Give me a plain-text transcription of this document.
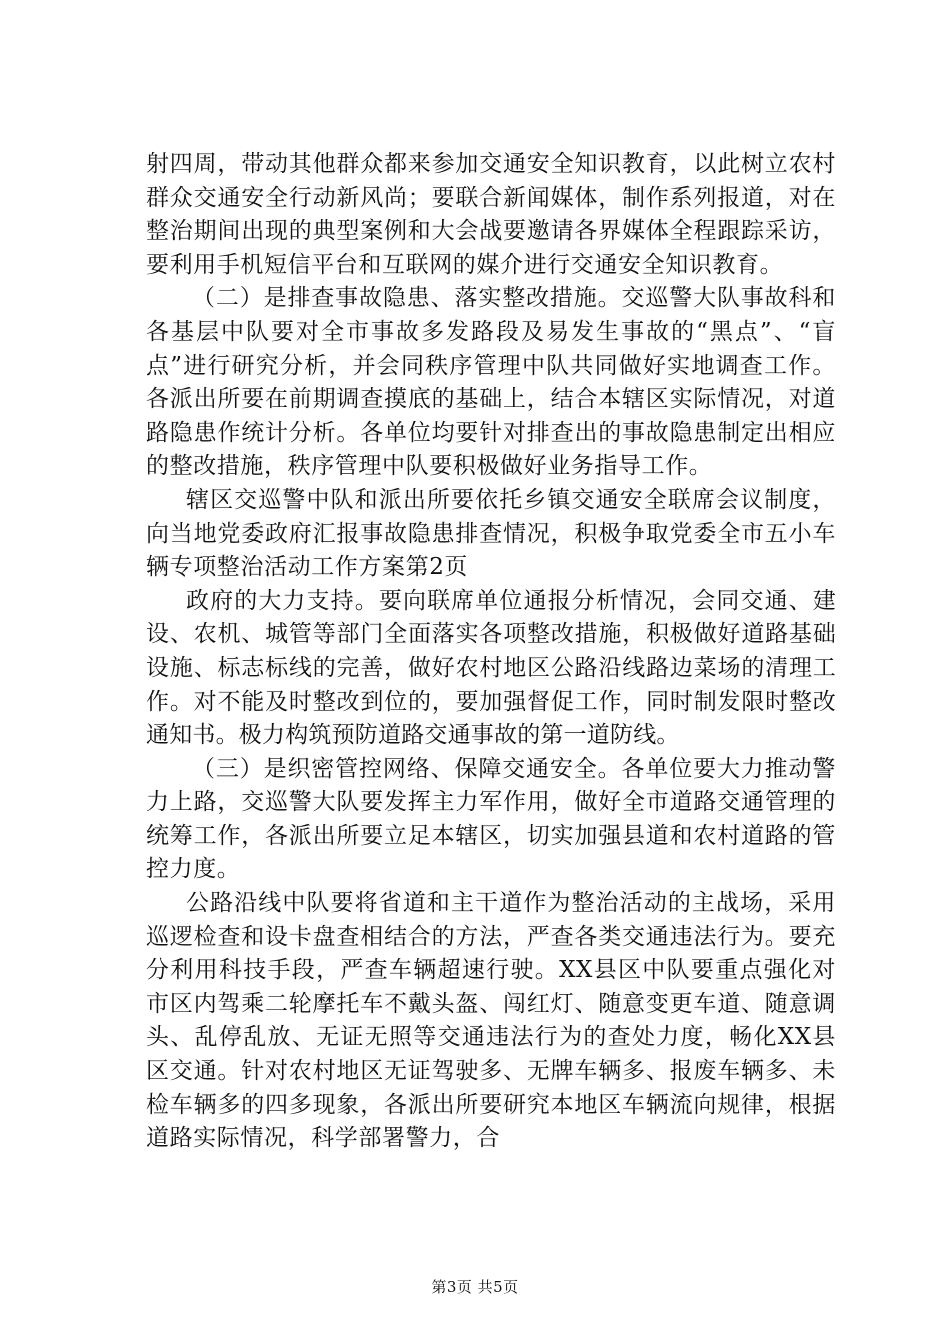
射四周，带动其他群众都来参加交通安全知识教育，以此树立农村群众交通安全行动新风尚；要联合新闻媒体，制作系列报道，对在整治期间出现的典型案例和大会战要邀请各界媒体全程跟踪采访，要利用手机短信平台和互联网的媒介进行交通安全知识教育。

（二）是排查事故隐患、落实整改措施。交巡警大队事故科和各基层中队要对全市事故多发路段及易发生事故的“黑点”、“盲点”进行研究分析，并会同秩序管理中队共同做好实地调查工作。各派出所要在前期调查摸底的基础上，结合本辖区实际情况，对道路隐患作统计分析。各单位均要针对排查出的事故隐患制定出相应的整改措施，秩序管理中队要积极做好业务指导工作。

辖区交巡警中队和派出所要依托乡镇交通安全联席会议制度，向当地党委政府汇报事故隐患排查情况，积极争取党委全市五小车辆专项整治活动工作方案第2页

政府的大力支持。要向联席单位通报分析情况，会同交通、建设、农机、城管等部门全面落实各项整改措施，积极做好道路基础设施、标志标线的完善，做好农村地区公路沿线路边菜场的清理工作。对不能及时整改到位的，要加强督促工作，同时制发限时整改通知书。极力构筑预防道路交通事故的第一道防线。

（三）是织密管控网络、保障交通安全。各单位要大力推动警力上路，交巡警大队要发挥主力军作用，做好全市道路交通管理的统筹工作，各派出所要立足本辖区，切实加强县道和农村道路的管控力度。

公路沿线中队要将省道和主干道作为整治活动的主战场，采用巡逻检查和设卡盘查相结合的方法，严查各类交通违法行为。要充分利用科技手段，严查车辆超速行驶。XX县区中队要重点强化对市区内驾乘二轮摩托车不戴头盔、闯红灯、随意变更车道、随意调头、乱停乱放、无证无照等交通违法行为的查处力度，畅化XX县区交通。针对农村地区无证驾驶多、无牌车辆多、报废车辆多、未检车辆多的四多现象，各派出所要研究本地区车辆流向规律，根据道路实际情况，科学部署警力，合

第3页 共5页
